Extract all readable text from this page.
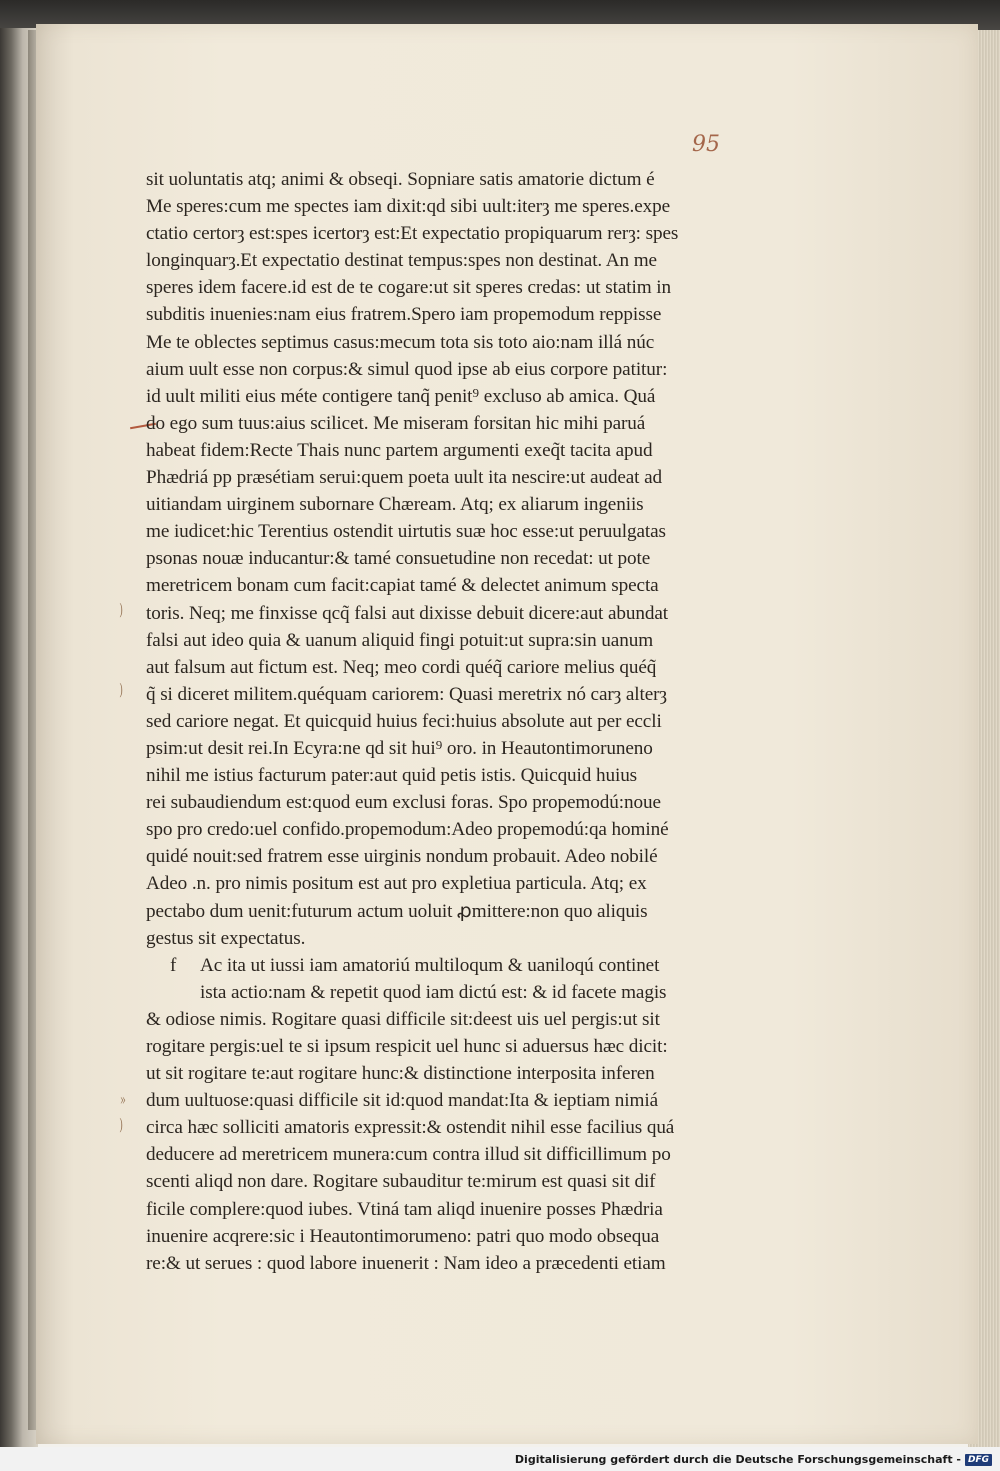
95
)
)
»
)
sit uoluntatis atq; animi & obseqi. Sopniare satis amatorie dictum é
Me speres:cum me spectes iam dixit:qd sibi uult:iterȝ me speres.expe
ctatio certorȝ est:spes icertorȝ est:Et expectatio propiquarum rerȝ: spes
longinquarȝ.Et expectatio destinat tempus:spes non destinat. An me
speres idem facere.id est de te cogare:ut sit speres credas: ut statim in
subditis inuenies:nam eius fratrem.Spero iam propemodum reppisse
Me te oblectes septimus casus:mecum tota sis toto aio:nam illá núc
aium uult esse non corpus:& simul quod ipse ab eius corpore patitur:
id uult militi eius méte contigere tanq̃ penit⁹ excluso ab amica. Quá
do ego sum tuus:aius scilicet. Me miseram forsitan hic mihi paruá
habeat fidem:Recte Thais nunc partem argumenti exeq̃t tacita apud
Phædriá pp præsétiam serui:quem poeta uult ita nescire:ut audeat ad
uitiandam uirginem subornare Chæream. Atq; ex aliarum ingeniis
me iudicet:hic Terentius ostendit uirtutis suæ hoc esse:ut peruulgatas
psonas nouæ inducantur:& tamé consuetudine non recedat: ut pote
meretricem bonam cum facit:capiat tamé & delectet animum specta
toris. Neq; me finxisse qcq̃ falsi aut dixisse debuit dicere:aut abundat
falsi aut ideo quia & uanum aliquid fingi potuit:ut supra:sin uanum
aut falsum aut fictum est. Neq; meo cordi quéq̃ cariore melius quéq̃
q̃ si diceret militem.quéquam cariorem: Quasi meretrix nó carȝ alterȝ
sed cariore negat. Et quicquid huius feci:huius absolute aut per eccli
psim:ut desit rei.In Ecyra:ne qd sit hui⁹ oro. in Heautontimoruneno
nihil me istius facturum pater:aut quid petis istis. Quicquid huius
rei subaudiendum est:quod eum exclusi foras. Spo propemodú:noue
spo pro credo:uel confido.propemodum:Adeo propemodú:qa hominé
quidé nouit:sed fratrem esse uirginis nondum probauit. Adeo nobilé
Adeo .n. pro nimis positum est aut pro expletiua particula. Atq; ex
pectabo dum uenit:futurum actum uoluit ꝓmittere:non quo aliquis
gestus sit expectatus.
f Ac ita ut iussi iam amatoriú multiloqum & uaniloqú continet
ista actio:nam & repetit quod iam dictú est: & id facete magis
& odiose nimis. Rogitare quasi difficile sit:deest uis uel pergis:ut sit
rogitare pergis:uel te si ipsum respicit uel hunc si aduersus hæc dicit:
ut sit rogitare te:aut rogitare hunc:& distinctione interposita inferen
dum uultuose:quasi difficile sit id:quod mandat:Ita & ieptiam nimiá
circa hæc solliciti amatoris expressit:& ostendit nihil esse facilius quá
deducere ad meretricem munera:cum contra illud sit difficillimum po
scenti aliqd non dare. Rogitare subauditur te:mirum est quasi sit dif
ficile complere:quod iubes. Vtiná tam aliqd inuenire posses Phædria
inuenire acqrere:sic i Heautontimorumeno: patri quo modo obsequa
re:& ut serues : quod labore inuenerit : Nam ideo a præcedenti etiam
Digitalisierung gefördert durch die Deutsche Forschungsgemeinschaft - DFG
